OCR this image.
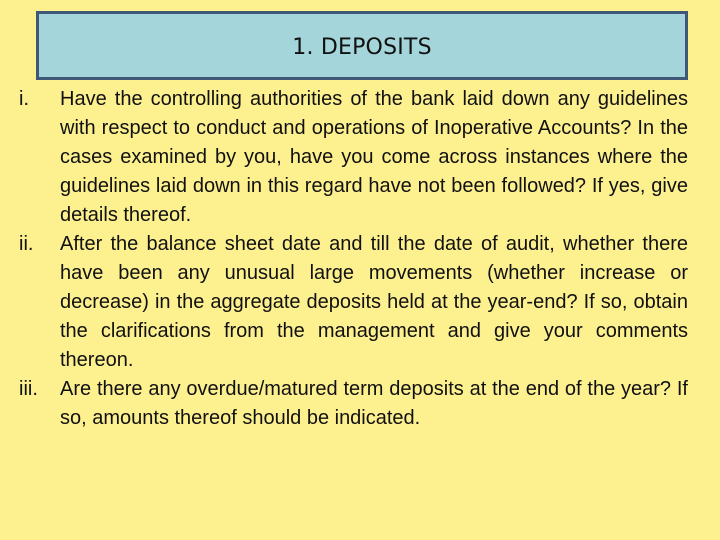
1. DEPOSITS
i. Have the controlling authorities of the bank laid down any guidelines with respect to conduct and operations of Inoperative Accounts? In the cases examined by you, have you come across instances where the guidelines laid down in this regard have not been followed? If yes, give details thereof.
ii. After the balance sheet date and till the date of audit, whether there have been any unusual large movements (whether increase or decrease) in the aggregate deposits held at the year-end? If so, obtain the clarifications from the management and give your comments thereon.
iii. Are there any overdue/matured term deposits at the end of the year? If so, amounts thereof should be indicated.
